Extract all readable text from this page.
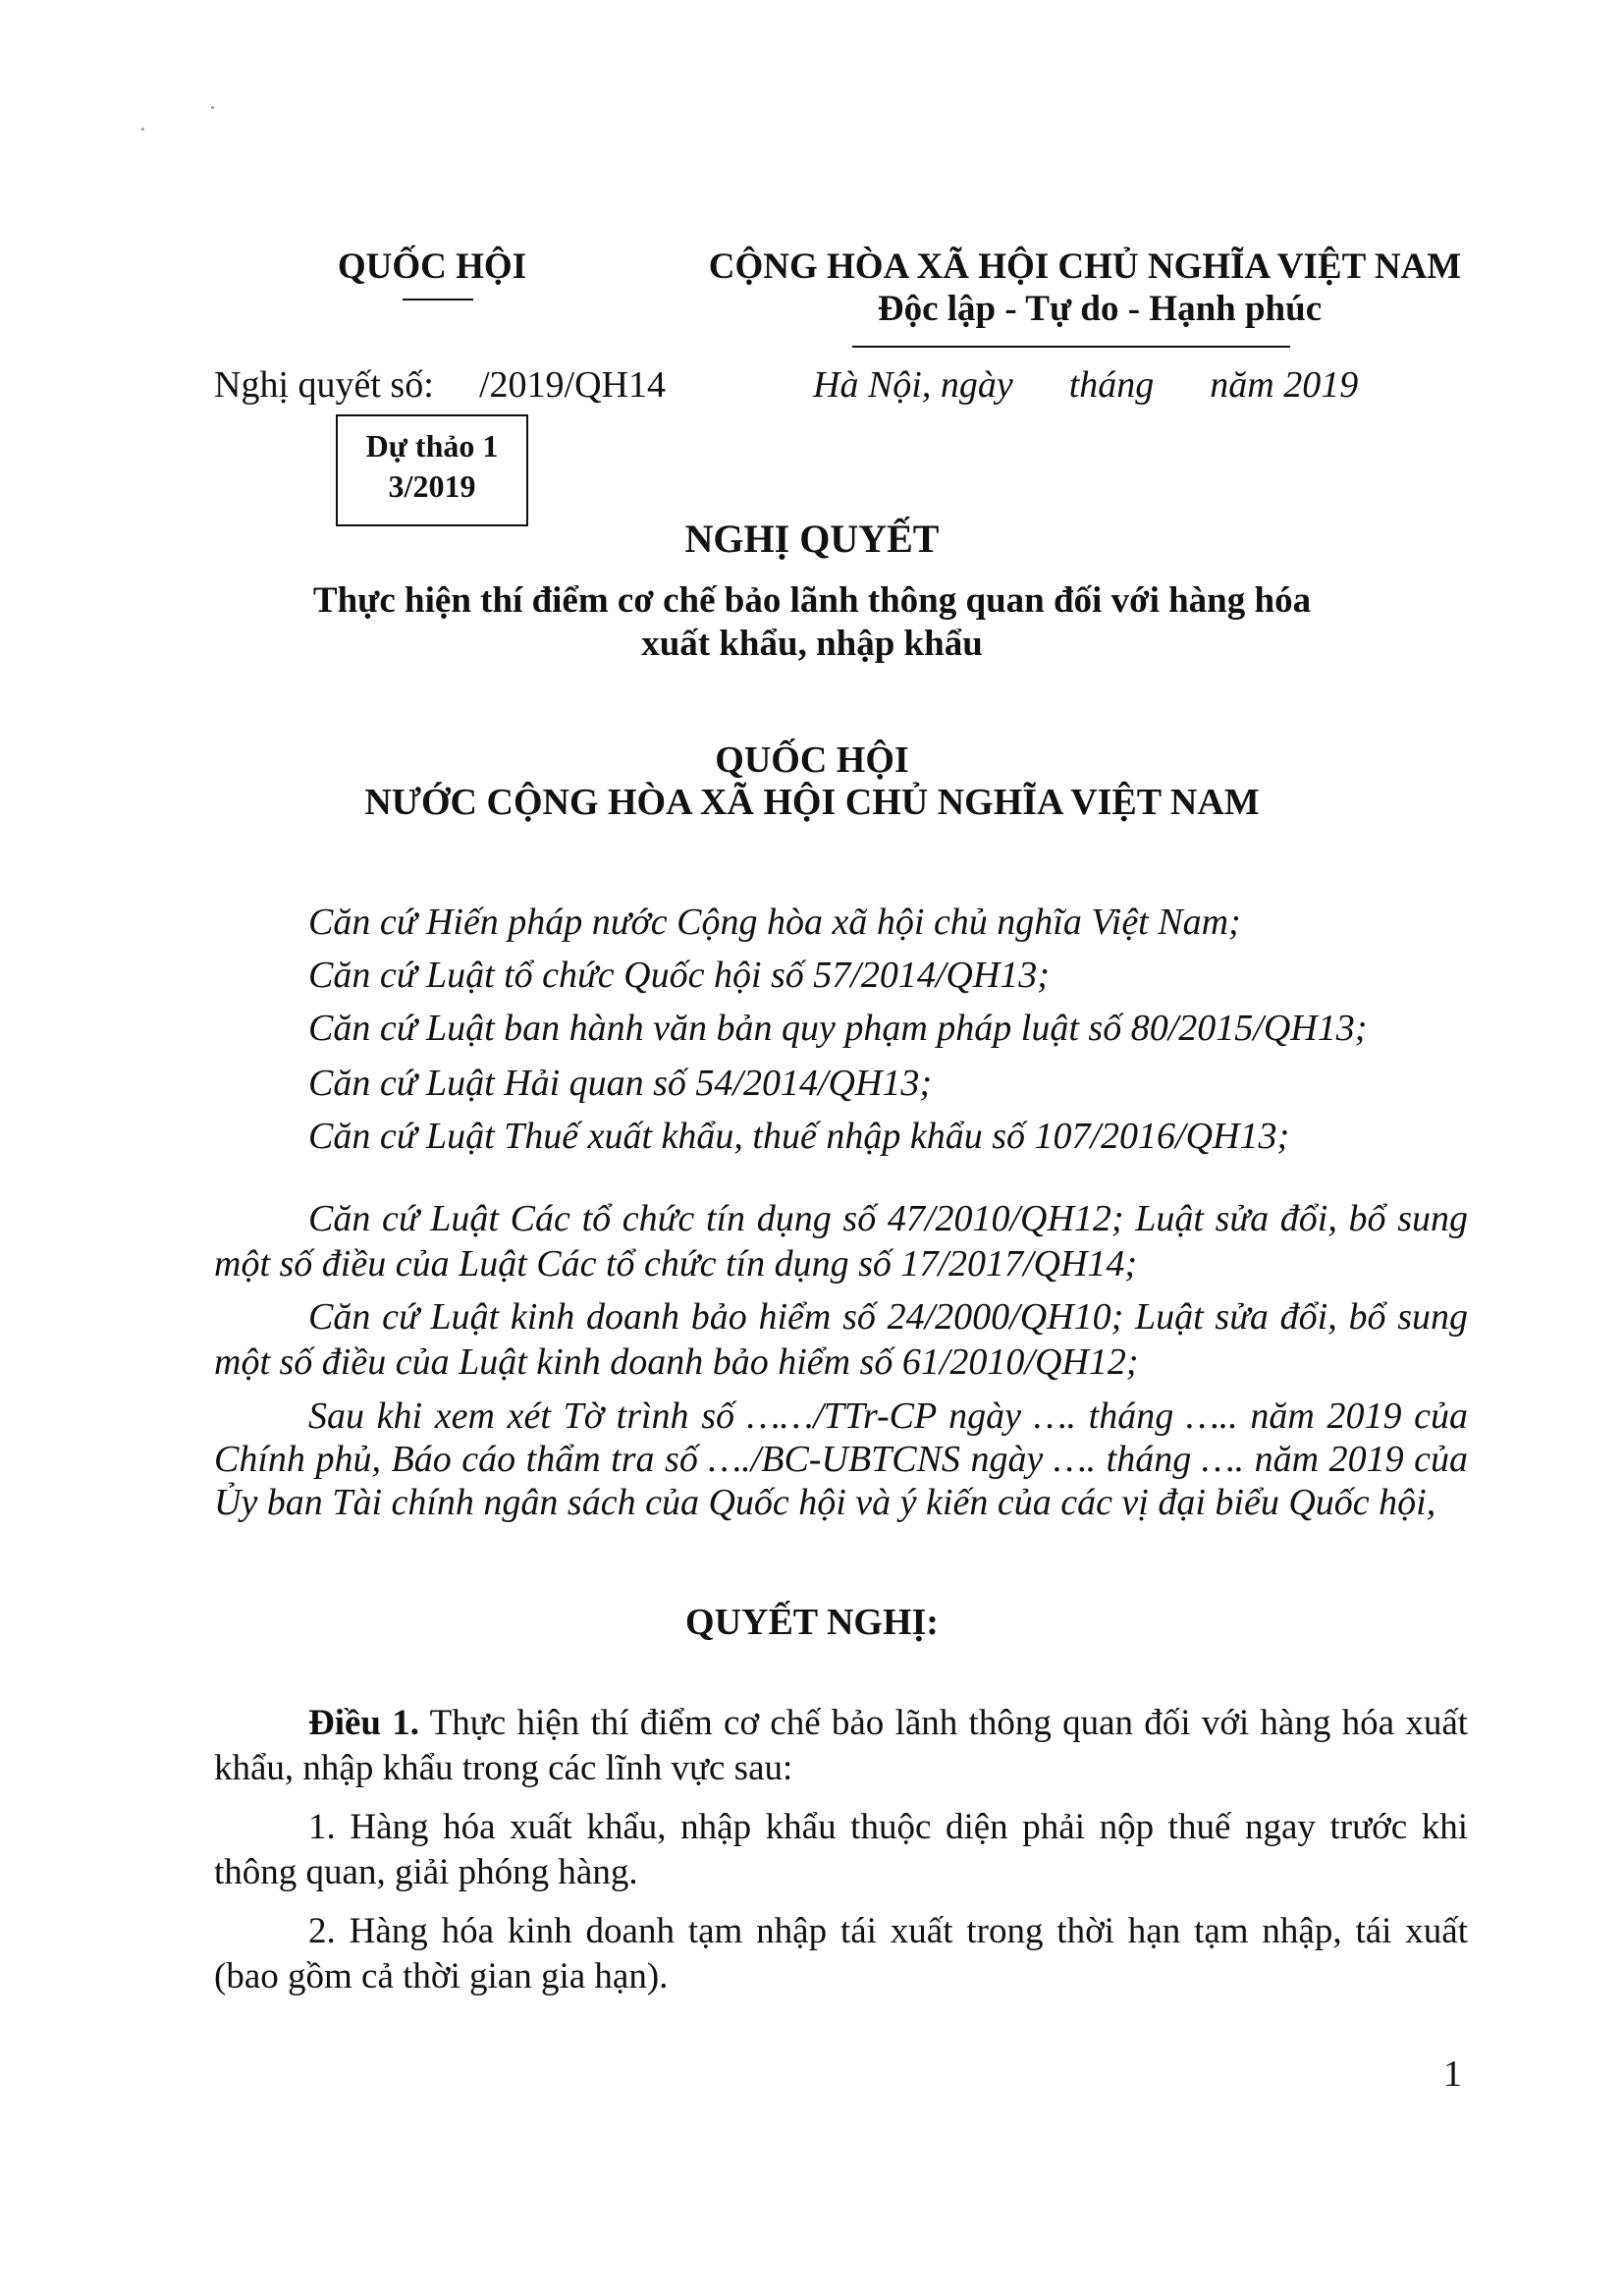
QUỐC HỘI	CỘNG HÒA XÃ HỘI CHỦ NGHĨA VIỆT NAM
Độc lập - Tự do - Hạnh phúc
Nghị quyết số: /2019/QH14	Hà Nội, ngày      tháng      năm 2019
Dự thảo 1
3/2019
NGHỊ QUYẾT
Thực hiện thí điểm cơ chế bảo lãnh thông quan đối với hàng hóa
xuất khẩu, nhập khẩu
QUỐC HỘI
NƯỚC CỘNG HÒA XÃ HỘI CHỦ NGHĨA VIỆT NAM
Căn cứ Hiến pháp nước Cộng hòa xã hội chủ nghĩa Việt Nam;
Căn cứ Luật tổ chức Quốc hội số 57/2014/QH13;
Căn cứ Luật ban hành văn bản quy phạm pháp luật số 80/2015/QH13;
Căn cứ Luật Hải quan số 54/2014/QH13;
Căn cứ Luật Thuế xuất khẩu, thuế nhập khẩu số 107/2016/QH13;
Căn cứ Luật Các tổ chức tín dụng số 47/2010/QH12; Luật sửa đổi, bổ sung một số điều của Luật Các tổ chức tín dụng số 17/2017/QH14;
Căn cứ Luật kinh doanh bảo hiểm số 24/2000/QH10; Luật sửa đổi, bổ sung một số điều của Luật kinh doanh bảo hiểm số 61/2010/QH12;
Sau khi xem xét Tờ trình số ……/TTr-CP ngày …. tháng ….. năm 2019 của Chính phủ, Báo cáo thẩm tra số …./BC-UBTCNS ngày …. tháng …. năm 2019 của Ủy ban Tài chính ngân sách của Quốc hội và ý kiến của các vị đại biểu Quốc hội,
QUYẾT NGHỊ:
Điều 1. Thực hiện thí điểm cơ chế bảo lãnh thông quan đối với hàng hóa xuất khẩu, nhập khẩu trong các lĩnh vực sau:
1. Hàng hóa xuất khẩu, nhập khẩu thuộc diện phải nộp thuế ngay trước khi thông quan, giải phóng hàng.
2. Hàng hóa kinh doanh tạm nhập tái xuất trong thời hạn tạm nhập, tái xuất (bao gồm cả thời gian gia hạn).
1
